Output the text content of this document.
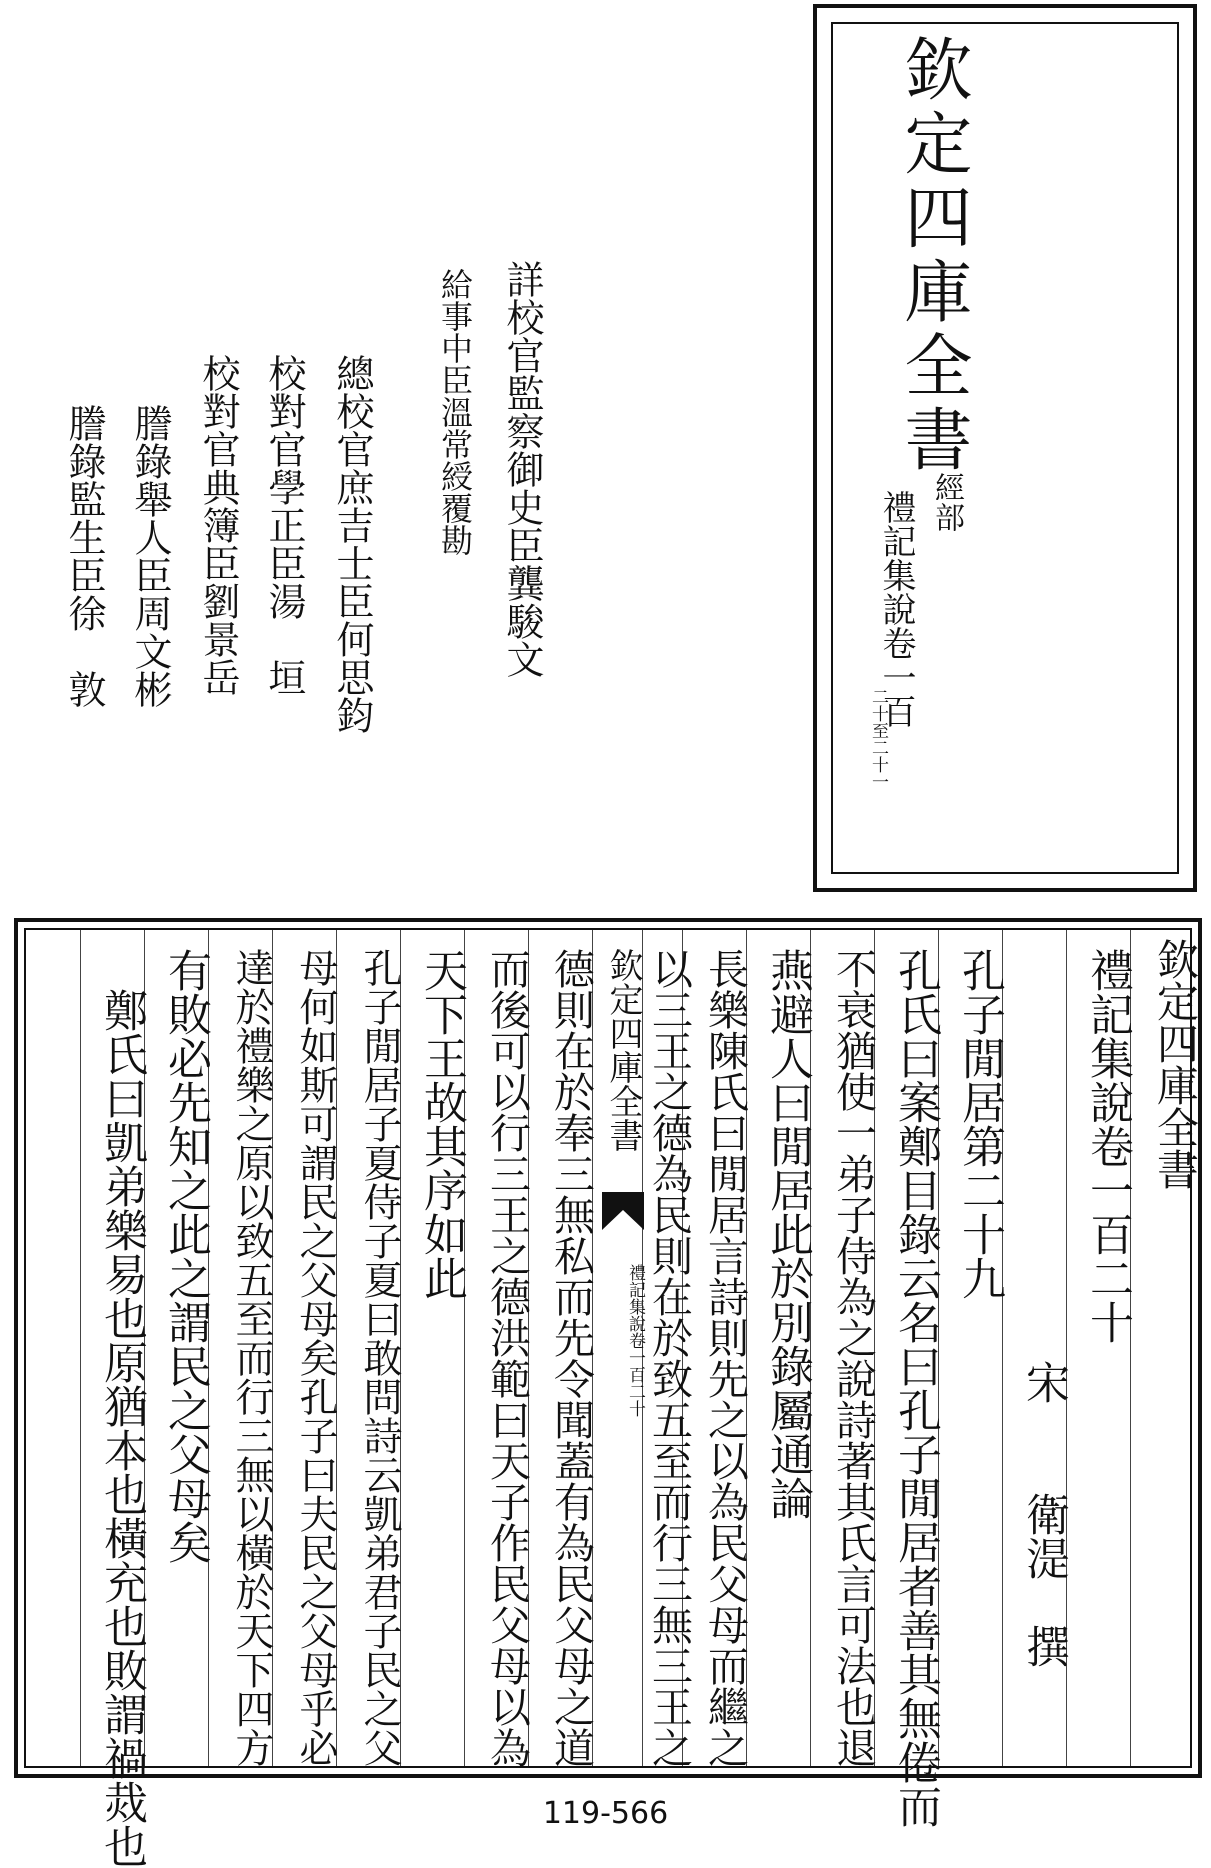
欽定四庫全書
經部
禮記集說卷一百
二十至二十一
詳校官監察御史臣龔駿文
給事中臣溫常綬覆勘
總校官庶吉士臣何思鈞
校對官學正臣湯　垣
校對官典簿臣劉景岳
謄錄舉人臣周文彬
謄錄監生臣徐　敦
欽定四庫全書
禮記集說卷一百二十
宋　　衛湜　撰
孔子閒居第二十九
孔氏曰案鄭目錄云名曰孔子閒居者善其無倦而
不衰猶使一弟子侍為之說詩著其氏言可法也退
燕避人曰閒居此於別錄屬通論
長樂陳氏曰閒居言詩則先之以為民父母而繼之
以三王之德為民則在於致五至而行三無三王之
欽定四庫全書
禮記集說卷一百二十
德則在於奉三無私而先令聞蓋有為民父母之道
而後可以行三王之德洪範曰天子作民父母以為
天下王故其序如此
孔子閒居子夏侍子夏曰敢問詩云凱弟君子民之父
母何如斯可謂民之父母矣孔子曰夫民之父母乎必
達於禮樂之原以致五至而行三無以橫於天下四方
有敗必先知之此之謂民之父母矣
鄭氏曰凱弟樂易也原猶本也橫充也敗謂禍烖也	119-566
